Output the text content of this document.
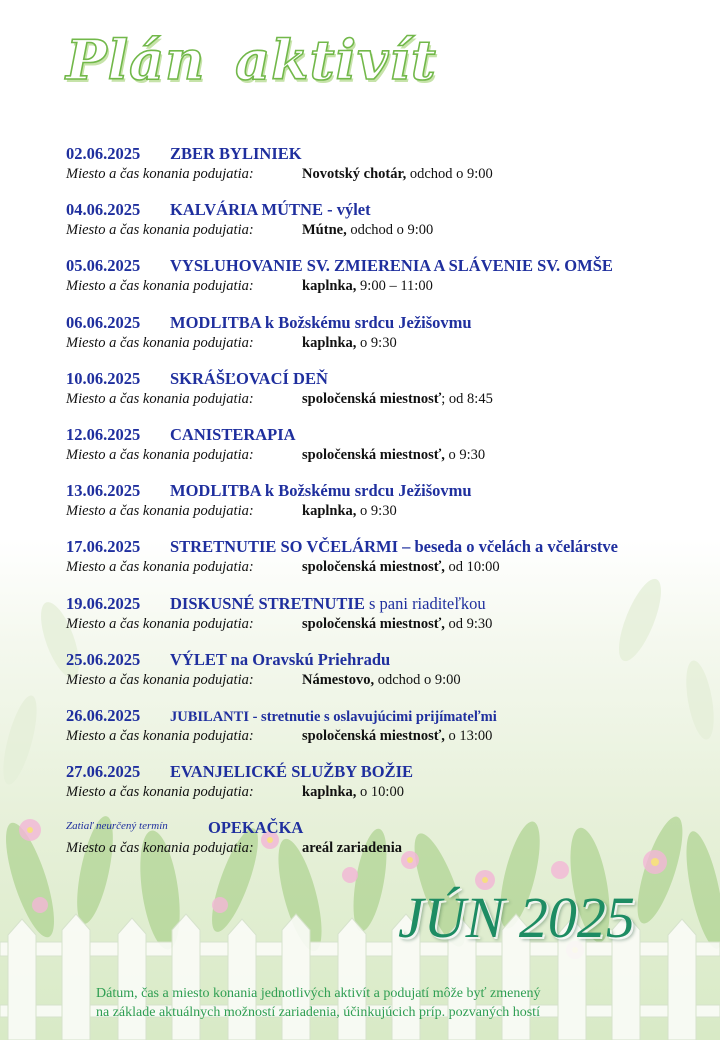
Plán aktivít
02.06.2025 ZBER BYLINIEK
Miesto a čas konania podujatia:	Novotský chotár, odchod o 9:00
04.06.2025 KALVÁRIA MÚTNE - výlet
Miesto a čas konania podujatia:	Mútne, odchod o 9:00
05.06.2025 VYSLUHOVANIE SV. ZMIERENIA A SLÁVENIE SV. OMŠE
Miesto a čas konania podujatia:	kaplnka, 9:00 – 11:00
06.06.2025 MODLITBA k Božskému srdcu Ježišovmu
Miesto a čas konania podujatia:	kaplnka, o 9:30
10.06.2025 SKRÁŠĽOVACÍ DEŇ
Miesto a čas konania podujatia:	spoločenská miestnosť; od 8:45
12.06.2025 CANISTERAPIA
Miesto a čas konania podujatia:	spoločenská miestnosť, o 9:30
13.06.2025 MODLITBA k Božskému srdcu Ježišovmu
Miesto a čas konania podujatia:	kaplnka, o 9:30
17.06.2025 STRETNUTIE SO VČELÁRMI – beseda o včelách a včelárstve
Miesto a čas konania podujatia:	spoločenská miestnosť, od 10:00
19.06.2025 DISKUSNÉ STRETNUTIE s pani riaditeľkou
Miesto a čas konania podujatia:	spoločenská miestnosť, od 9:30
25.06.2025 VÝLET na Oravskú Priehradu
Miesto a čas konania podujatia:	Námestovo, odchod o 9:00
26.06.2025 JUBILANTI - stretnutie s oslavujúcimi prijímateľmi
Miesto a čas konania podujatia:	spoločenská miestnosť, o 13:00
27.06.2025 EVANJELICKÉ SLUŽBY BOŽIE
Miesto a čas konania podujatia:	kaplnka, o 10:00
Zatiaľ neurčený termín OPEKAČKA
Miesto a čas konania podujatia:	areál zariadenia
JÚN 2025
Dátum, čas a miesto konania jednotlivých aktivít a podujatí môže byť zmenený
na základe aktuálnych možností zariadenia, účinkujúcich príp. pozvaných hostí
